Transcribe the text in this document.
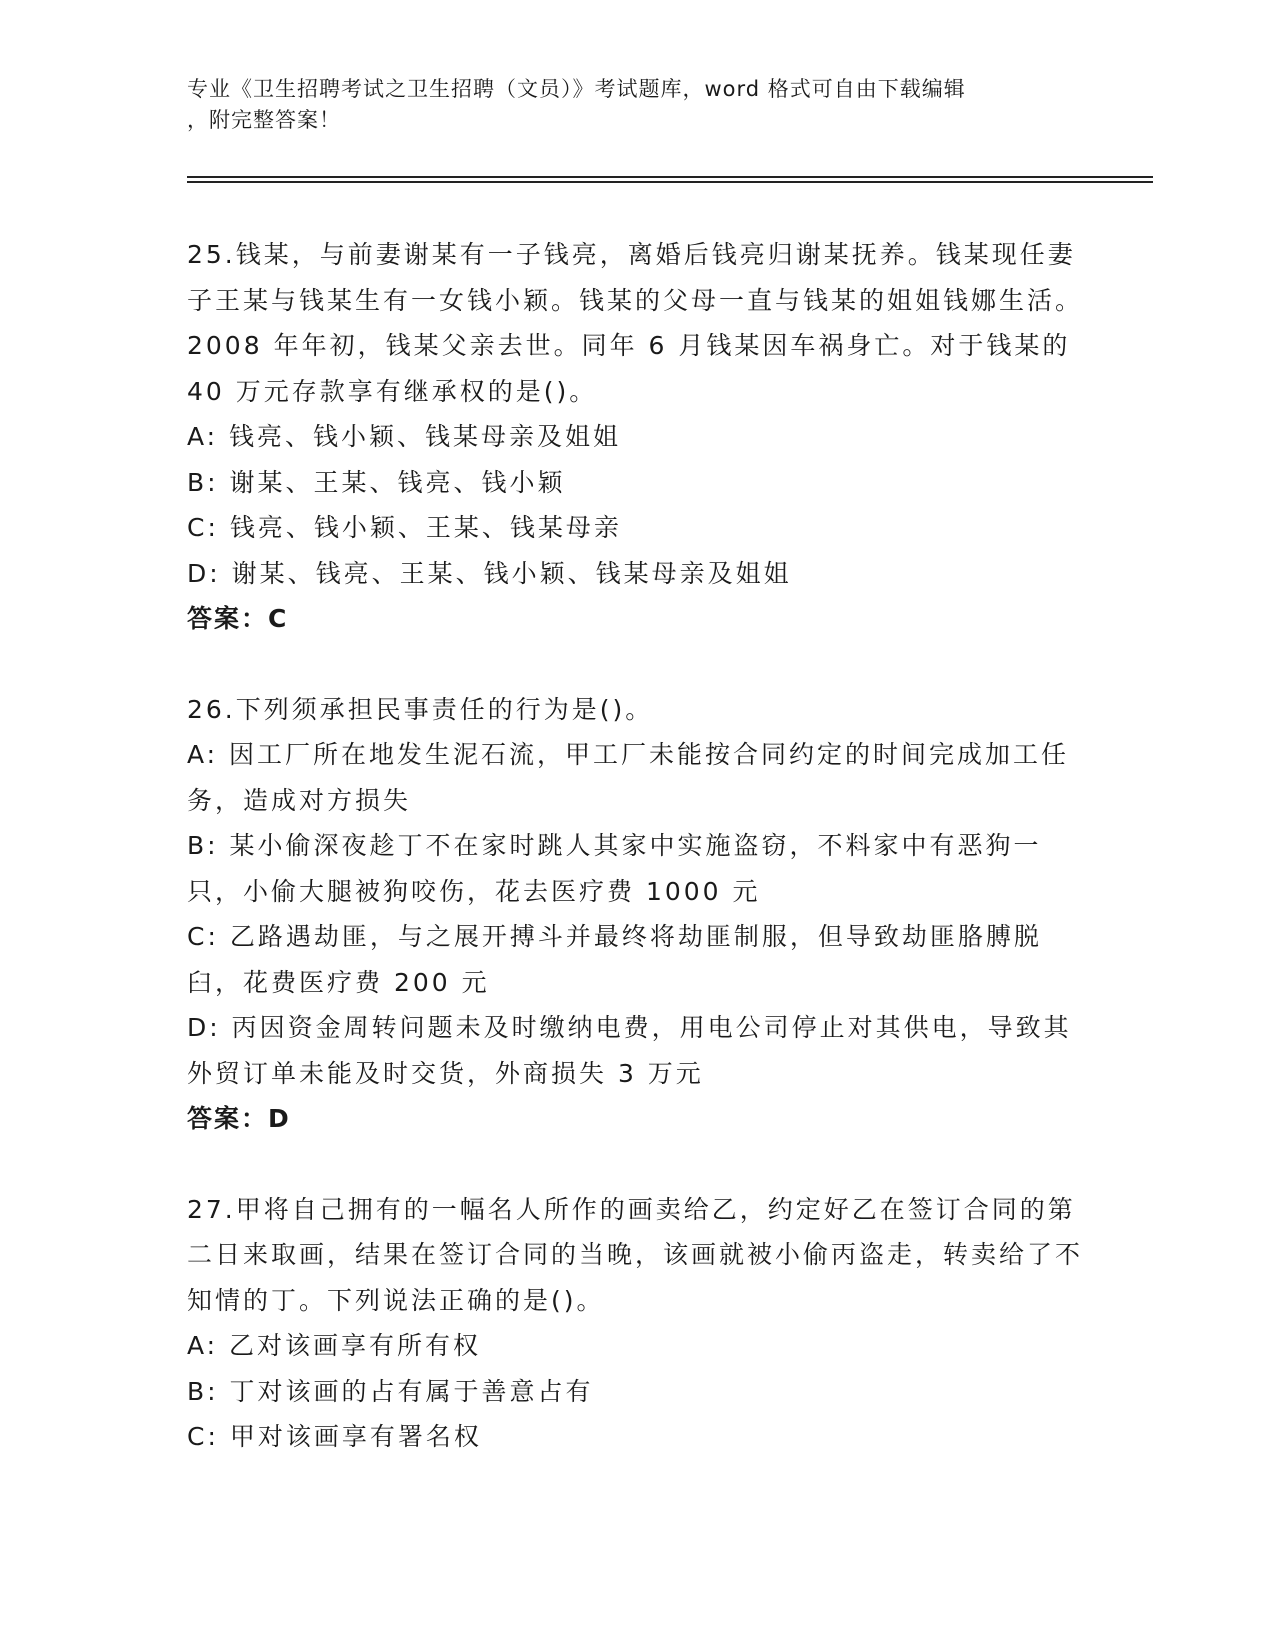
专业《卫生招聘考试之卫生招聘（文员）》考试题库，word 格式可自由下载编辑
，附完整答案！
25.钱某，与前妻谢某有一子钱亮，离婚后钱亮归谢某抚养。钱某现任妻子王某与钱某生有一女钱小颖。钱某的父母一直与钱某的姐姐钱娜生活。2008 年年初，钱某父亲去世。同年 6 月钱某因车祸身亡。对于钱某的 40 万元存款享有继承权的是()。
A: 钱亮、钱小颖、钱某母亲及姐姐
B: 谢某、王某、钱亮、钱小颖
C: 钱亮、钱小颖、王某、钱某母亲
D: 谢某、钱亮、王某、钱小颖、钱某母亲及姐姐
答案：C
26.下列须承担民事责任的行为是()。
A: 因工厂所在地发生泥石流，甲工厂未能按合同约定的时间完成加工任务，造成对方损失
B: 某小偷深夜趁丁不在家时跳人其家中实施盗窃，不料家中有恶狗一只，小偷大腿被狗咬伤，花去医疗费 1000 元
C: 乙路遇劫匪，与之展开搏斗并最终将劫匪制服，但导致劫匪胳膊脱臼，花费医疗费 200 元
D: 丙因资金周转问题未及时缴纳电费，用电公司停止对其供电，导致其外贸订单未能及时交货，外商损失 3 万元
答案：D
27.甲将自己拥有的一幅名人所作的画卖给乙，约定好乙在签订合同的第二日来取画，结果在签订合同的当晚，该画就被小偷丙盗走，转卖给了不知情的丁。下列说法正确的是()。
A: 乙对该画享有所有权
B: 丁对该画的占有属于善意占有
C: 甲对该画享有署名权
